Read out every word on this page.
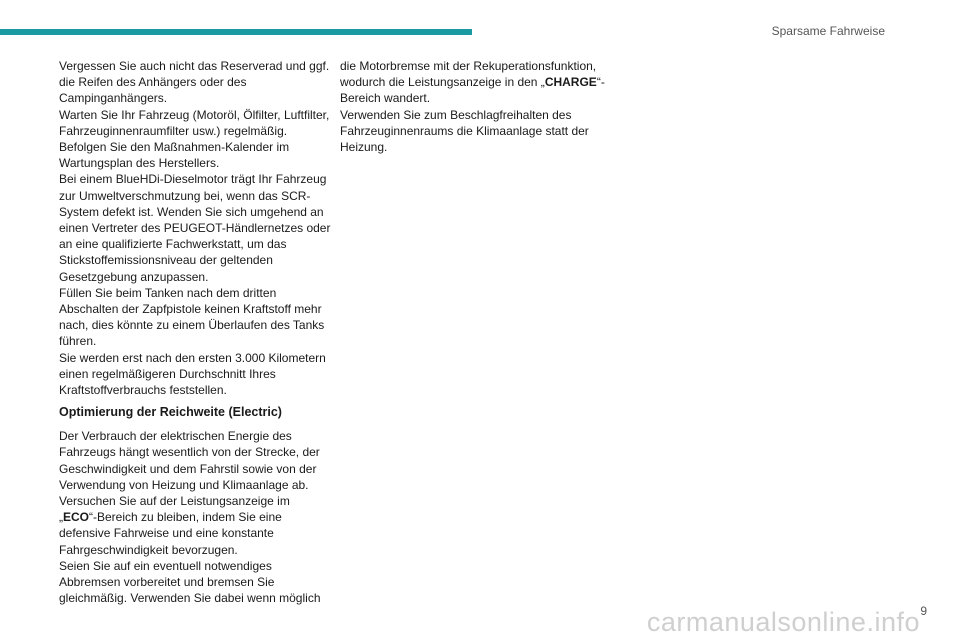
Sparsame Fahrweise

Vergessen Sie auch nicht das Reserverad und ggf. die Reifen des Anhängers oder des Campinganhängers.

Warten Sie Ihr Fahrzeug (Motoröl, Ölfilter, Luftfilter, Fahrzeuginnenraumfilter usw.) regelmäßig. Befolgen Sie den Maßnahmen-Kalender im Wartungsplan des Herstellers.

Bei einem BlueHDi-Dieselmotor trägt Ihr Fahrzeug zur Umweltverschmutzung bei, wenn das SCR-System defekt ist. Wenden Sie sich umgehend an einen Vertreter des PEUGEOT-Händlernetzes oder an eine qualifizierte Fachwerkstatt, um das Stickstoffemissionsniveau der geltenden Gesetzgebung anzupassen.

Füllen Sie beim Tanken nach dem dritten Abschalten der Zapfpistole keinen Kraftstoff mehr nach, dies könnte zu einem Überlaufen des Tanks führen.

Sie werden erst nach den ersten 3.000 Kilometern einen regelmäßigeren Durchschnitt Ihres Kraftstoffverbrauchs feststellen.

Optimierung der Reichweite (Electric)

Der Verbrauch der elektrischen Energie des Fahrzeugs hängt wesentlich von der Strecke, der Geschwindigkeit und dem Fahrstil sowie von der Verwendung von Heizung und Klimaanlage ab.

Versuchen Sie auf der Leistungsanzeige im „ECO“-Bereich zu bleiben, indem Sie eine defensive Fahrweise und eine konstante Fahrgeschwindigkeit bevorzugen.

Seien Sie auf ein eventuell notwendiges Abbremsen vorbereitet und bremsen Sie gleichmäßig. Verwenden Sie dabei wenn möglich

die Motorbremse mit der Rekuperationsfunktion, wodurch die Leistungsanzeige in den „CHARGE“-Bereich wandert.

Verwenden Sie zum Beschlagfreihalten des Fahrzeuginnenraums die Klimaanlage statt der Heizung.

9
carmanualsonline.info
